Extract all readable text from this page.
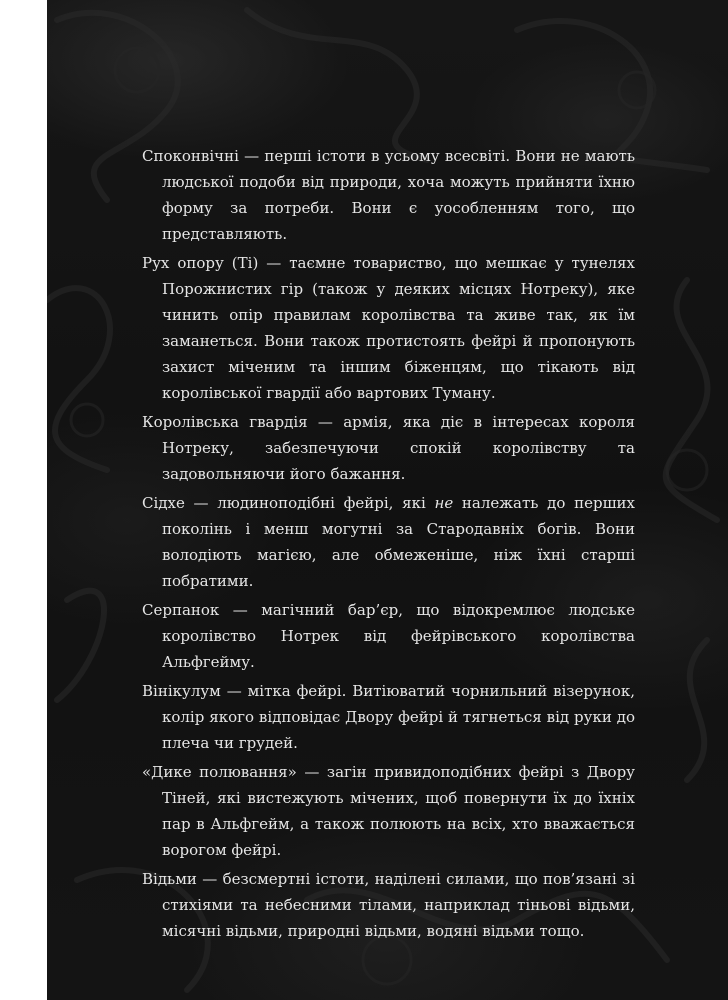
Споконвічні — перші істоти в усьому всесвіті. Вони не мають людської подоби від природи, хоча можуть прийняти їхню форму за потреби. Вони є уособленням того, що представляють.

Рух опору (Ті) — таємне товариство, що мешкає у тунелях Порожнистих гір (також у деяких місцях Нотреку), яке чинить опір правилам королівства та живе так, як їм заманеться. Вони також протистоять фейрі й пропонують захист міченим та іншим біженцям, що тікають від королівської гвардії або вартових Туману.

Королівська гвардія — армія, яка діє в інтересах короля Нотреку, забезпечуючи спокій королівству та задовольняючи його бажання.

Сідхе — людиноподібні фейрі, які не належать до перших поколінь і менш могутні за Стародавніх богів. Вони володіють магією, але обмеженіше, ніж їхні старші побратими.

Серпанок — магічний бар’єр, що відокремлює людське королівство Нотрек від фейрівського королівства Альфгейму.

Вінікулум — мітка фейрі. Витіюватий чорнильний візерунок, колір якого відповідає Двору фейрі й тягнеться від руки до плеча чи грудей.

«Дике полювання» — загін привидоподібних фейрі з Двору Тіней, які вистежують мічених, щоб повернути їх до їхніх пар в Альфгейм, а також полюють на всіх, хто вважається ворогом фейрі.

Відьми — безсмертні істоти, наділені силами, що пов’язані зі стихіями та небесними тілами, наприклад тіньові відьми, місячні відьми, природні відьми, водяні відьми тощо.
